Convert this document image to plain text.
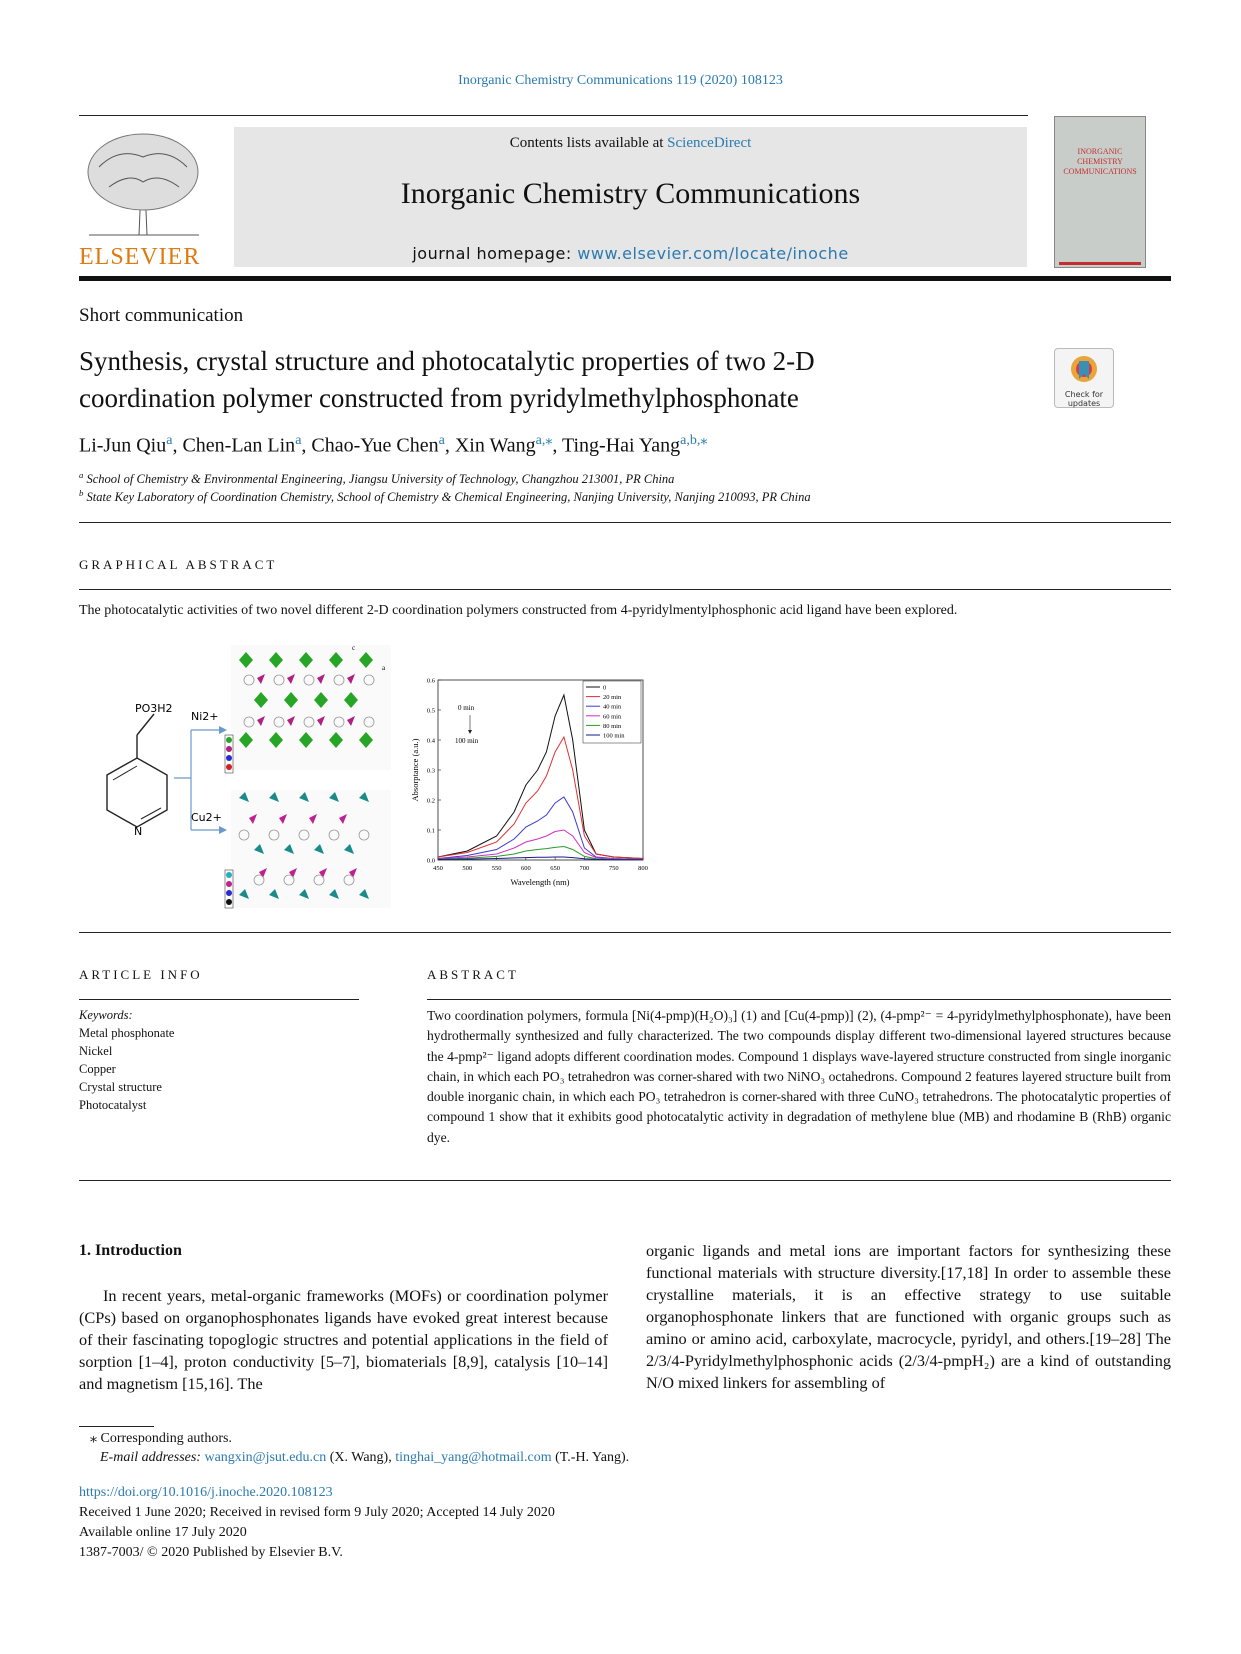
Inorganic Chemistry Communications 119 (2020) 108123
ELSEVIER
Contents lists available at ScienceDirect
Inorganic Chemistry Communications
journal homepage: www.elsevier.com/locate/inoche
INORGANIC CHEMISTRY COMMUNICATIONS
Short communication
Synthesis, crystal structure and photocatalytic properties of two 2-D
coordination polymer constructed from pyridylmethylphosphonate	Check for
updates
Li-Jun Qiu$^a$, Chen-Lan Lin$^a$, Chao-Yue Chen$^a$, Xin Wang$^{a,⁎}$, Ting-Hai Yang$^{a,b,⁎}$
$^a$ School of Chemistry & Environmental Engineering, Jiangsu University of Technology, Changzhou 213001, PR China
$^b$ State Key Laboratory of Coordination Chemistry, School of Chemistry & Chemical Engineering, Nanjing University, Nanjing 210093, PR China
GRAPHICAL ABSTRACT
The photocatalytic activities of two novel different 2-D coordination polymers constructed from 4-pyridylmentylphosphonic acid ligand have been explored.
N
PO3H2
Ni2+
Cu2+
c
a
0.0
0.1
0.2
0.3
0.4
0.5
0.6
450	500	550	600	650	700	750	800
0
20 min
40 min
60 min
80 min
100 min
0 min
100 min
Wavelength (nm)
Absorptance (a.u.)
ARTICLE INFO
Keywords:
Metal phosphonate
Nickel
Copper
Crystal structure
Photocatalyst
ABSTRACT
Two coordination polymers, formula [Ni(4-pmp)(H₂O)₃] (1) and [Cu(4-pmp)] (2), (4-pmp²⁻ = 4-pyridylmethylphosphonate), have been hydrothermally synthesized and fully characterized. The two compounds display different two-dimensional layered structures because the 4-pmp²⁻ ligand adopts different coordination modes. Compound 1 displays wave-layered structure constructed from single inorganic chain, in which each PO₃ tetrahedron was corner-shared with two NiNO₃ octahedrons. Compound 2 features layered structure built from double inorganic chain, in which each PO₃ tetrahedron is corner-shared with three CuNO₃ tetrahedrons. The photocatalytic properties of compound 1 show that it exhibits good photocatalytic activity in degradation of methylene blue (MB) and rhodamine B (RhB) organic dye.
1. Introduction
In recent years, metal-organic frameworks (MOFs) or coordination polymer (CPs) based on organophosphonates ligands have evoked great interest because of their fascinating topoglogic structres and potential applications in the field of sorption [1–4], proton conductivity [5–7], biomaterials [8,9], catalysis [10–14] and magnetism [15,16]. The
organic ligands and metal ions are important factors for synthesizing these functional materials with structure diversity.[17,18] In order to assemble these crystalline materials, it is an effective strategy to use suitable organophosphonate linkers that are functioned with organic groups such as amino or amino acid, carboxylate, macrocycle, pyridyl, and others.[19–28] The 2/3/4-Pyridylmethylphosphonic acids (2/3/4-pmpH₂) are a kind of outstanding N/O mixed linkers for assembling of
⁎ Corresponding authors.
E-mail addresses: wangxin@jsut.edu.cn (X. Wang), tinghai_yang@hotmail.com (T.-H. Yang).
https://doi.org/10.1016/j.inoche.2020.108123
Received 1 June 2020; Received in revised form 9 July 2020; Accepted 14 July 2020
Available online 17 July 2020
1387-7003/ © 2020 Published by Elsevier B.V.
